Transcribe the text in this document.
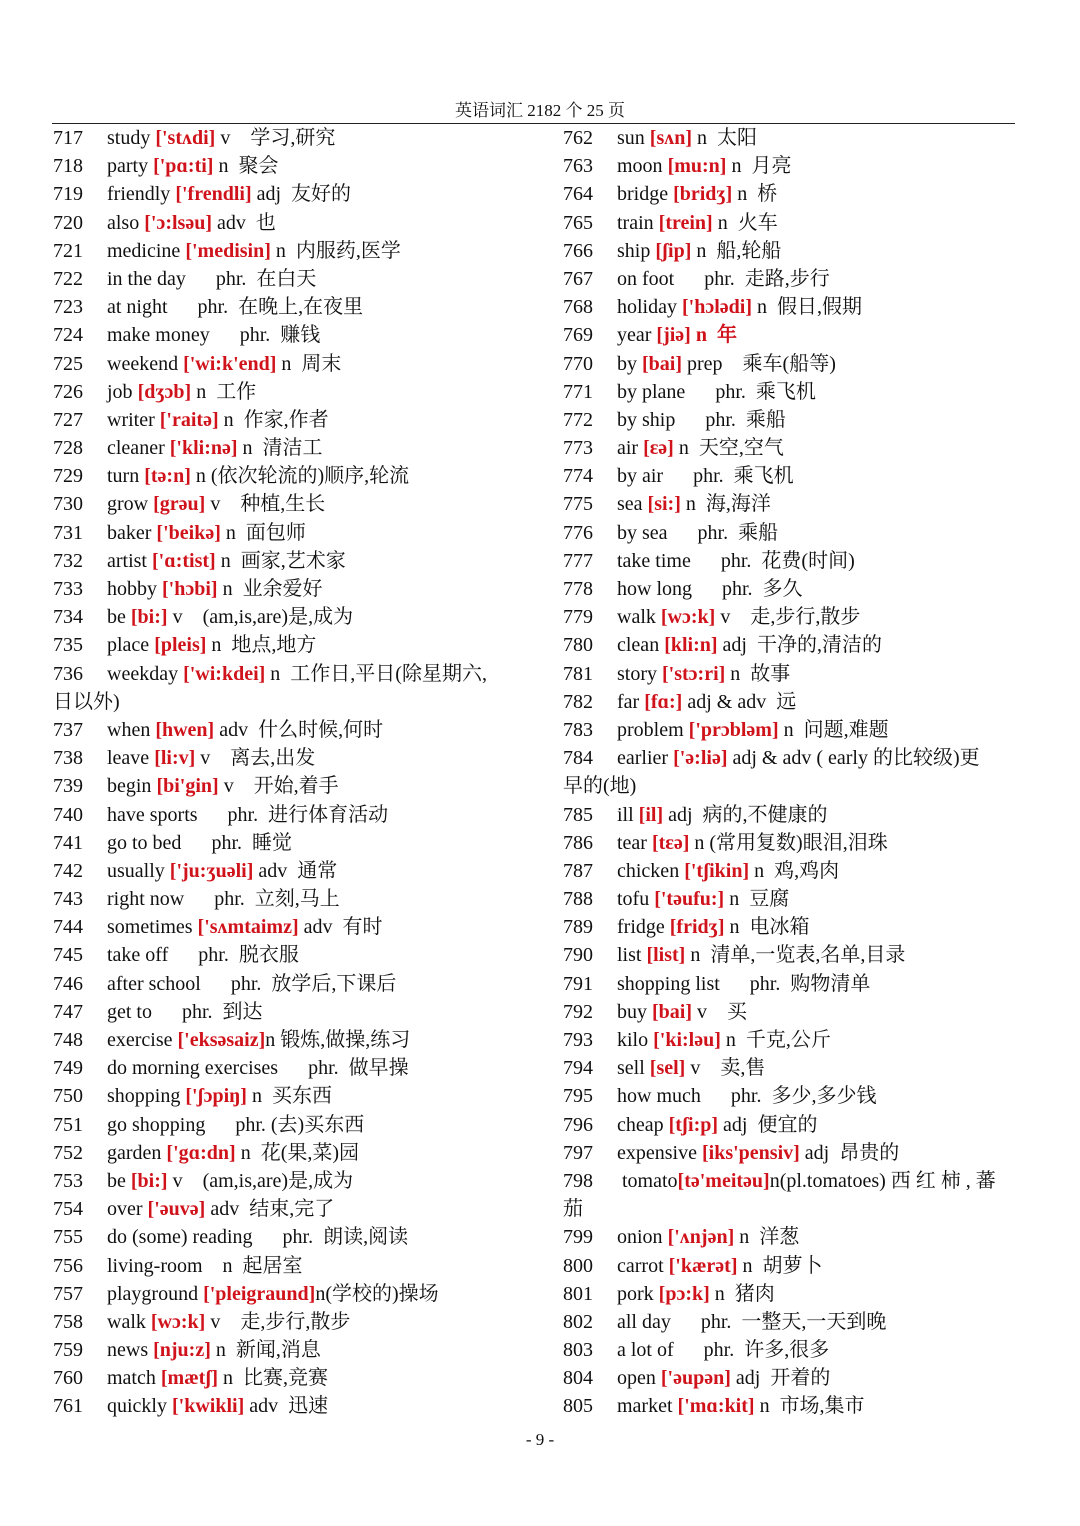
英语词汇 2182 个 25 页
717 study ['stʌdi] v    学习,研究
718 party ['pɑ:ti] n  聚会
719 friendly ['frendli] adj  友好的
720 also ['ɔ:lsəu] adv  也
721 medicine ['medisin] n  内服药,医学
722 in the day      phr.  在白天
723 at night      phr.  在晚上,在夜里
724 make money      phr.  赚钱
725 weekend ['wi:k'end] n  周末
726 job [dʒɔb] n  工作
727 writer ['raitə] n  作家,作者
728 cleaner ['kli:nə] n  清洁工
729 turn [tə:n] n (依次轮流的)顺序,轮流
730 grow [grəu] v    种植,生长
731 baker ['beikə] n  面包师
732 artist ['ɑ:tist] n  画家,艺术家
733 hobby ['hɔbi] n  业余爱好
734 be [bi:] v    (am,is,are)是,成为
735 place [pleis] n  地点,地方
736 weekday ['wi:kdei] n  工作日,平日(除星期六,
日以外)
737 when [hwen] adv  什么时候,何时
738 leave [li:v] v    离去,出发
739 begin [bi'gin] v    开始,着手
740 have sports      phr.  进行体育活动
741 go to bed      phr.  睡觉
742 usually ['ju:ʒuəli] adv  通常
743 right now      phr.  立刻,马上
744 sometimes ['sʌmtaimz] adv  有时
745 take off      phr.  脱衣服
746 after school      phr.  放学后,下课后
747 get to      phr.  到达
748 exercise ['eksəsaiz]n 锻炼,做操,练习
749 do morning exercises      phr.  做早操
750 shopping ['ʃɔpiŋ] n  买东西
751 go shopping      phr. (去)买东西
752 garden ['gɑ:dn] n  花(果,菜)园
753 be [bi:] v    (am,is,are)是,成为
754 over ['əuvə] adv  结束,完了
755 do (some) reading      phr.  朗读,阅读
756 living-room    n  起居室
757 playground ['pleigraund]n(学校的)操场
758 walk [wɔ:k] v    走,步行,散步
759 news [nju:z] n  新闻,消息
760 match [mætʃ] n  比赛,竞赛
761 quickly ['kwikli] adv  迅速
762 sun [sʌn] n  太阳
763 moon [mu:n] n  月亮
764 bridge [bridʒ] n  桥
765 train [trein] n  火车
766 ship [ʃip] n  船,轮船
767 on foot      phr.  走路,步行
768 holiday ['hɔlədi] n  假日,假期
769 year [jiə] n  年
770 by [bai] prep    乘车(船等)
771 by plane      phr.  乘飞机
772 by ship      phr.  乘船
773 air [ɛə] n  天空,空气
774 by air      phr.  乘飞机
775 sea [si:] n  海,海洋
776 by sea      phr.  乘船
777 take time      phr.  花费(时间)
778 how long      phr.  多久
779 walk [wɔ:k] v    走,步行,散步
780 clean [kli:n] adj  干净的,清洁的
781 story ['stɔ:ri] n  故事
782 far [fɑ:] adj & adv  远
783 problem ['prɔbləm] n  问题,难题
784 earlier ['ə:liə] adj & adv ( early 的比较级)更
早的(地)
785 ill [il] adj  病的,不健康的
786 tear [tɛə] n (常用复数)眼泪,泪珠
787 chicken ['tʃikin] n  鸡,鸡肉
788 tofu ['təufu:] n  豆腐
789 fridge [fridʒ] n  电冰箱
790 list [list] n  清单,一览表,名单,目录
791 shopping list      phr.  购物清单
792 buy [bai] v    买
793 kilo ['ki:ləu] n  千克,公斤
794 sell [sel] v    卖,售
795 how much      phr.  多少,多少钱
796 cheap [tʃi:p] adj  便宜的
797 expensive [iks'pensiv] adj  昂贵的
798 tomato[tə'meitəu]n(pl.tomatoes) 西 红 柿 , 蕃
茄
799 onion ['ʌnjən] n  洋葱
800 carrot ['kærət] n  胡萝卜
801 pork [pɔ:k] n  猪肉
802 all day      phr.  一整天,一天到晚
803 a lot of      phr.  许多,很多
804 open ['əupən] adj  开着的
805 market ['mɑ:kit] n  市场,集市
- 9 -
